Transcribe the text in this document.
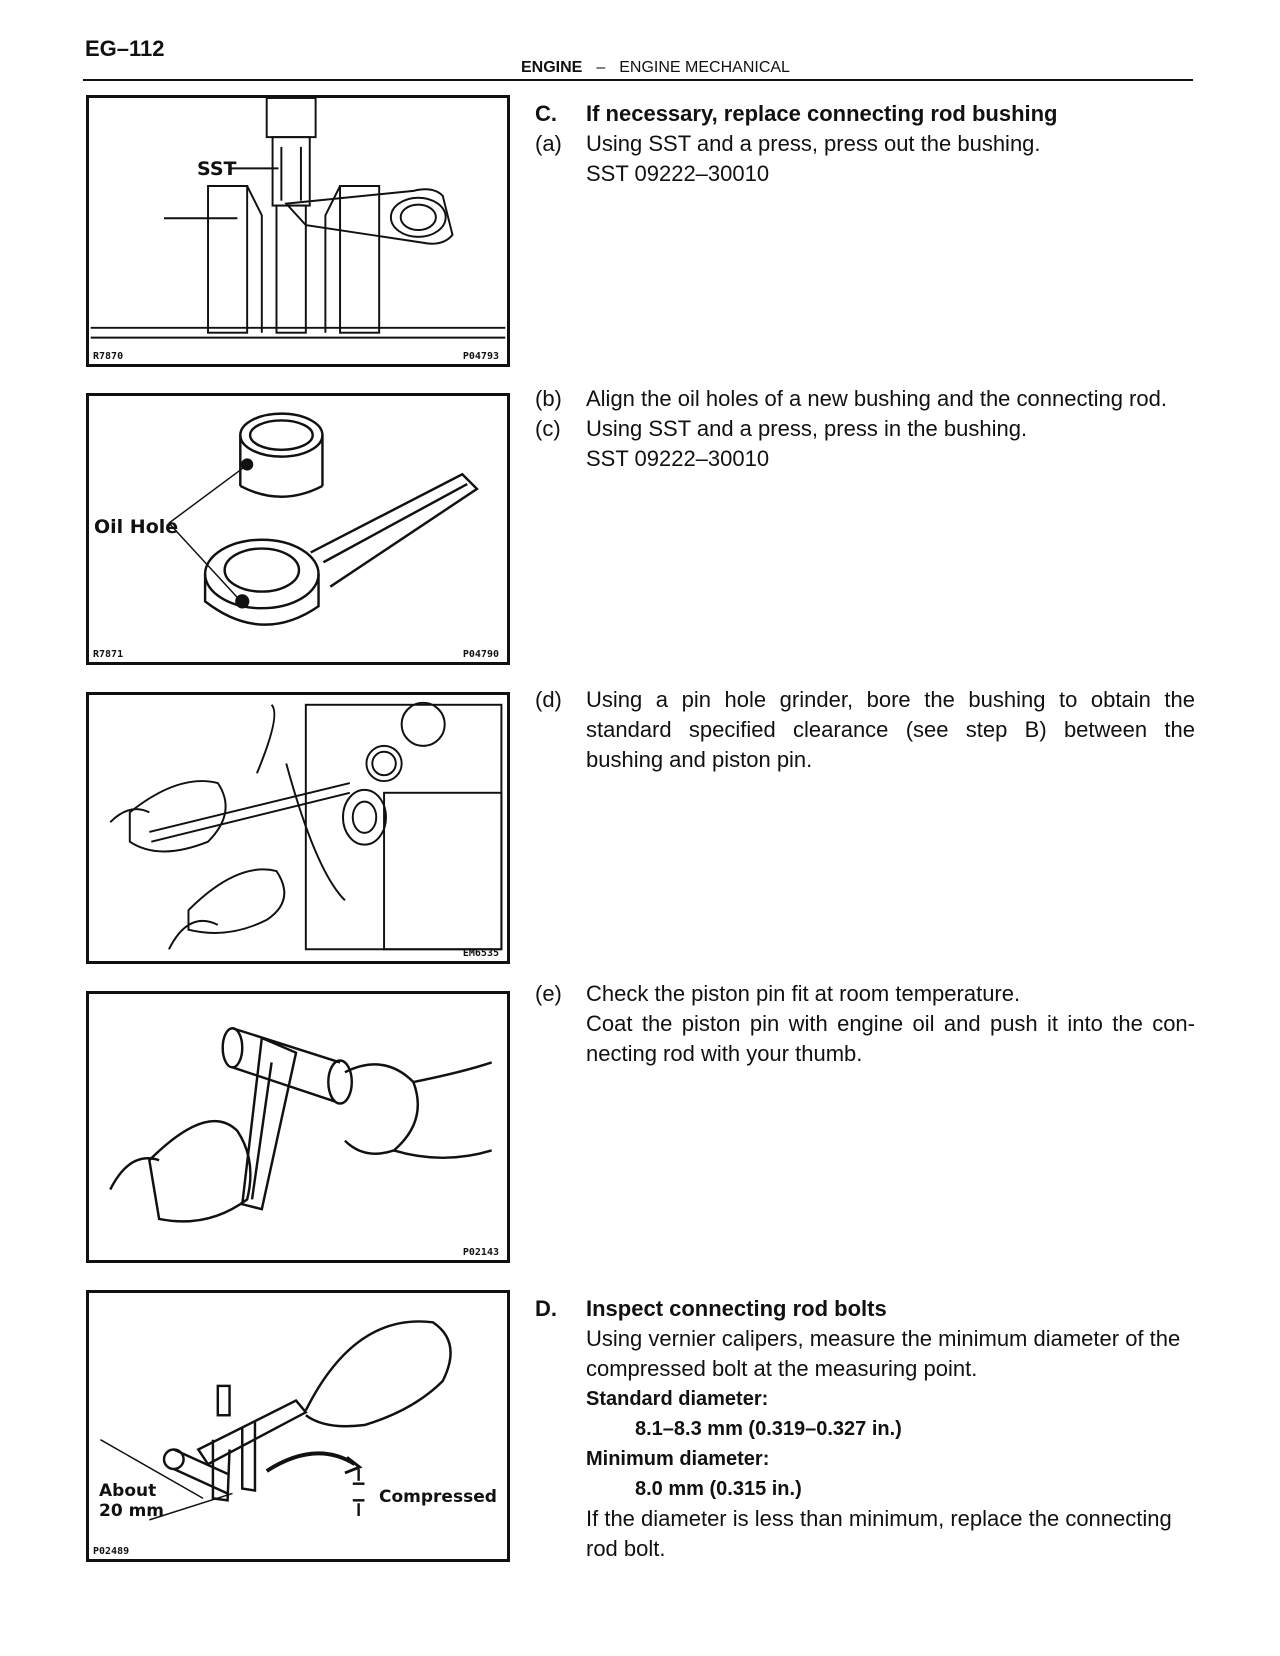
EG–112
ENGINE – ENGINE MECHANICAL
SST
R7870	P04793
Oil Hole
R7871	P04790
EM6535
P02143
About
20 mm
Compressed
P02489
C. If necessary, replace connecting rod bushing
(a) Using SST and a press, press out the bushing.
SST 09222–30010
(b) Align the oil holes of a new bushing and the connecting rod.
(c) Using SST and a press, press in the bushing.
SST 09222–30010
(d) Using a pin hole grinder, bore the bushing to obtain the standard specified clearance (see step B) between the bushing and piston pin.
(e) Check the piston pin fit at room temperature.
Coat the piston pin with engine oil and push it into the con- necting rod with your thumb.
D. Inspect connecting rod bolts
Using vernier calipers, measure the minimum diameter of the compressed bolt at the measuring point.
Standard diameter:
8.1–8.3 mm (0.319–0.327 in.)
Minimum diameter:
8.0 mm (0.315 in.)
If the diameter is less than minimum, replace the connecting rod bolt.
